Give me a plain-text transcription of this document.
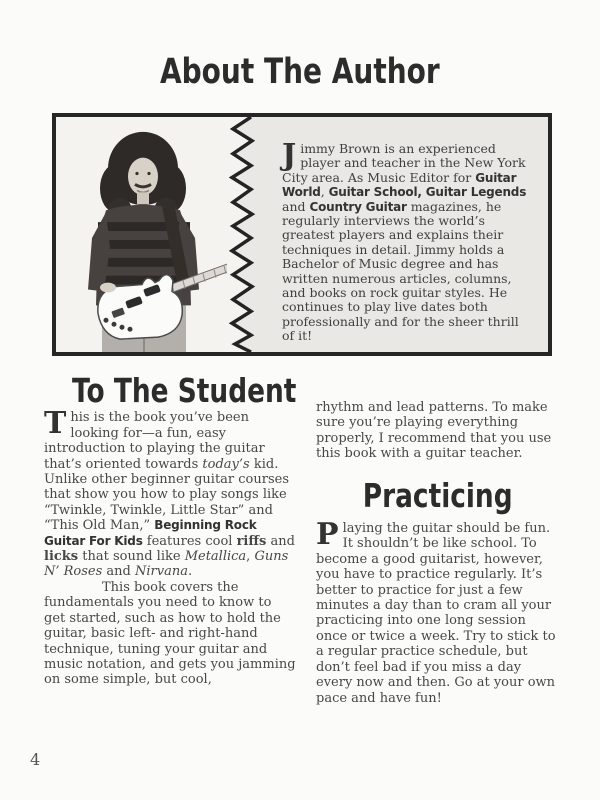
About The Author
Jimmy Brown is an experienced player and teacher in the New York City area. As Music Editor for Guitar World, Guitar School, Guitar Legends and Country Guitar magazines, he regularly interviews the world’s greatest players and explains their techniques in detail. Jimmy holds a Bachelor of Music degree and has written numerous articles, columns, and books on rock guitar styles. He continues to play live dates both professionally and for the sheer thrill of it!
To The Student
This is the book you’ve been looking for—a fun, easy introduction to playing the guitar that’s oriented towards today’s kid. Unlike other beginner guitar courses that show you how to play songs like “Twinkle, Twinkle, Little Star” and “This Old Man,” Beginning Rock Guitar For Kids features cool riffs and licks that sound like Metallica, Guns N’ Roses and Nirvana.
This book covers the fundamentals you need to know to get started, such as how to hold the guitar, basic left- and right-hand technique, tuning your guitar and music notation, and gets you jamming on some simple, but cool,
rhythm and lead patterns. To make sure you’re playing everything properly, I recommend that you use this book with a guitar teacher.
Practicing
Playing the guitar should be fun. It shouldn’t be like school. To become a good guitarist, however, you have to practice regularly. It’s better to practice for just a few minutes a day than to cram all your practicing into one long session once or twice a week. Try to stick to a regular practice schedule, but don’t feel bad if you miss a day every now and then. Go at your own pace and have fun!
4
